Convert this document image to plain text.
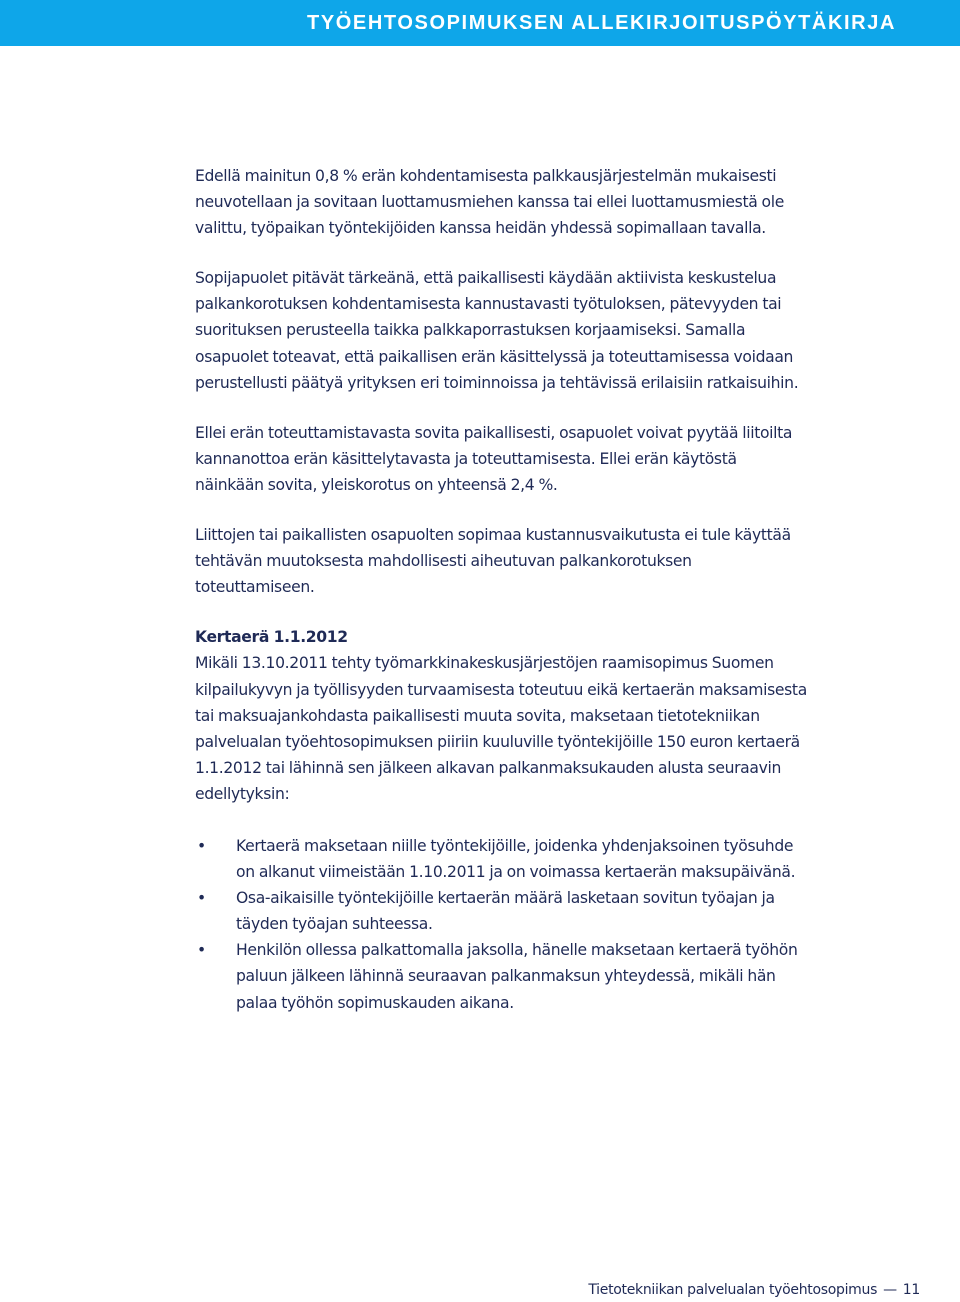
TYÖEHTOSOPIMUKSEN ALLEKIRJOITUSPÖYTÄKIRJA

Edellä mainitun 0,8 % erän kohdentamisesta palkkausjärjestelmän mukaisesti neuvotellaan ja sovitaan luottamusmiehen kanssa tai ellei luottamusmiestä ole valittu, työpaikan työntekijöiden kanssa heidän yhdessä sopimallaan tavalla.

Sopijapuolet pitävät tärkeänä, että paikallisesti käydään aktiivista keskustelua palkankorotuksen kohdentamisesta kannustavasti työtuloksen, pätevyyden tai suorituksen perusteella taikka palkkaporrastuksen korjaamiseksi. Samalla osapuolet toteavat, että paikallisen erän käsittelyssä ja toteuttamisessa voidaan perustellusti päätyä yrityksen eri toiminnoissa ja tehtävissä erilaisiin ratkaisuihin.

Ellei erän toteuttamistavasta sovita paikallisesti, osapuolet voivat pyytää liitoilta kannanottoa erän käsittelytavasta ja toteuttamisesta. Ellei erän käytöstä näinkään sovita, yleiskorotus on yhteensä 2,4 %.

Liittojen tai paikallisten osapuolten sopimaa kustannusvaikutusta ei tule käyttää tehtävän muutoksesta mahdollisesti aiheutuvan palkankorotuksen toteuttamiseen.

Kertaerä 1.1.2012

Mikäli 13.10.2011 tehty työmarkkinakeskusjärjestöjen raamisopimus Suomen kilpailukyvyn ja työllisyyden turvaamisesta toteutuu eikä kertaerän maksamisesta tai maksuajankohdasta paikallisesti muuta sovita, maksetaan tietotekniikan palvelualan työehtosopimuksen piiriin kuuluville työntekijöille 150 euron kertaerä 1.1.2012 tai lähinnä sen jälkeen alkavan palkanmaksukauden alusta seuraavin edellytyksin:

• Kertaerä maksetaan niille työntekijöille, joidenka yhdenjaksoinen työsuhde on alkanut viimeistään 1.10.2011 ja on voimassa kertaerän maksupäivänä.
• Osa-aikaisille työntekijöille kertaerän määrä lasketaan sovitun työajan ja täyden työajan suhteessa.
• Henkilön ollessa palkattomalla jaksolla, hänelle maksetaan kertaerä työhön paluun jälkeen lähinnä seuraavan palkanmaksun yhteydessä, mikäli hän palaa työhön sopimuskauden aikana.
Tietotekniikan palvelualan työehtosopimus — 11
